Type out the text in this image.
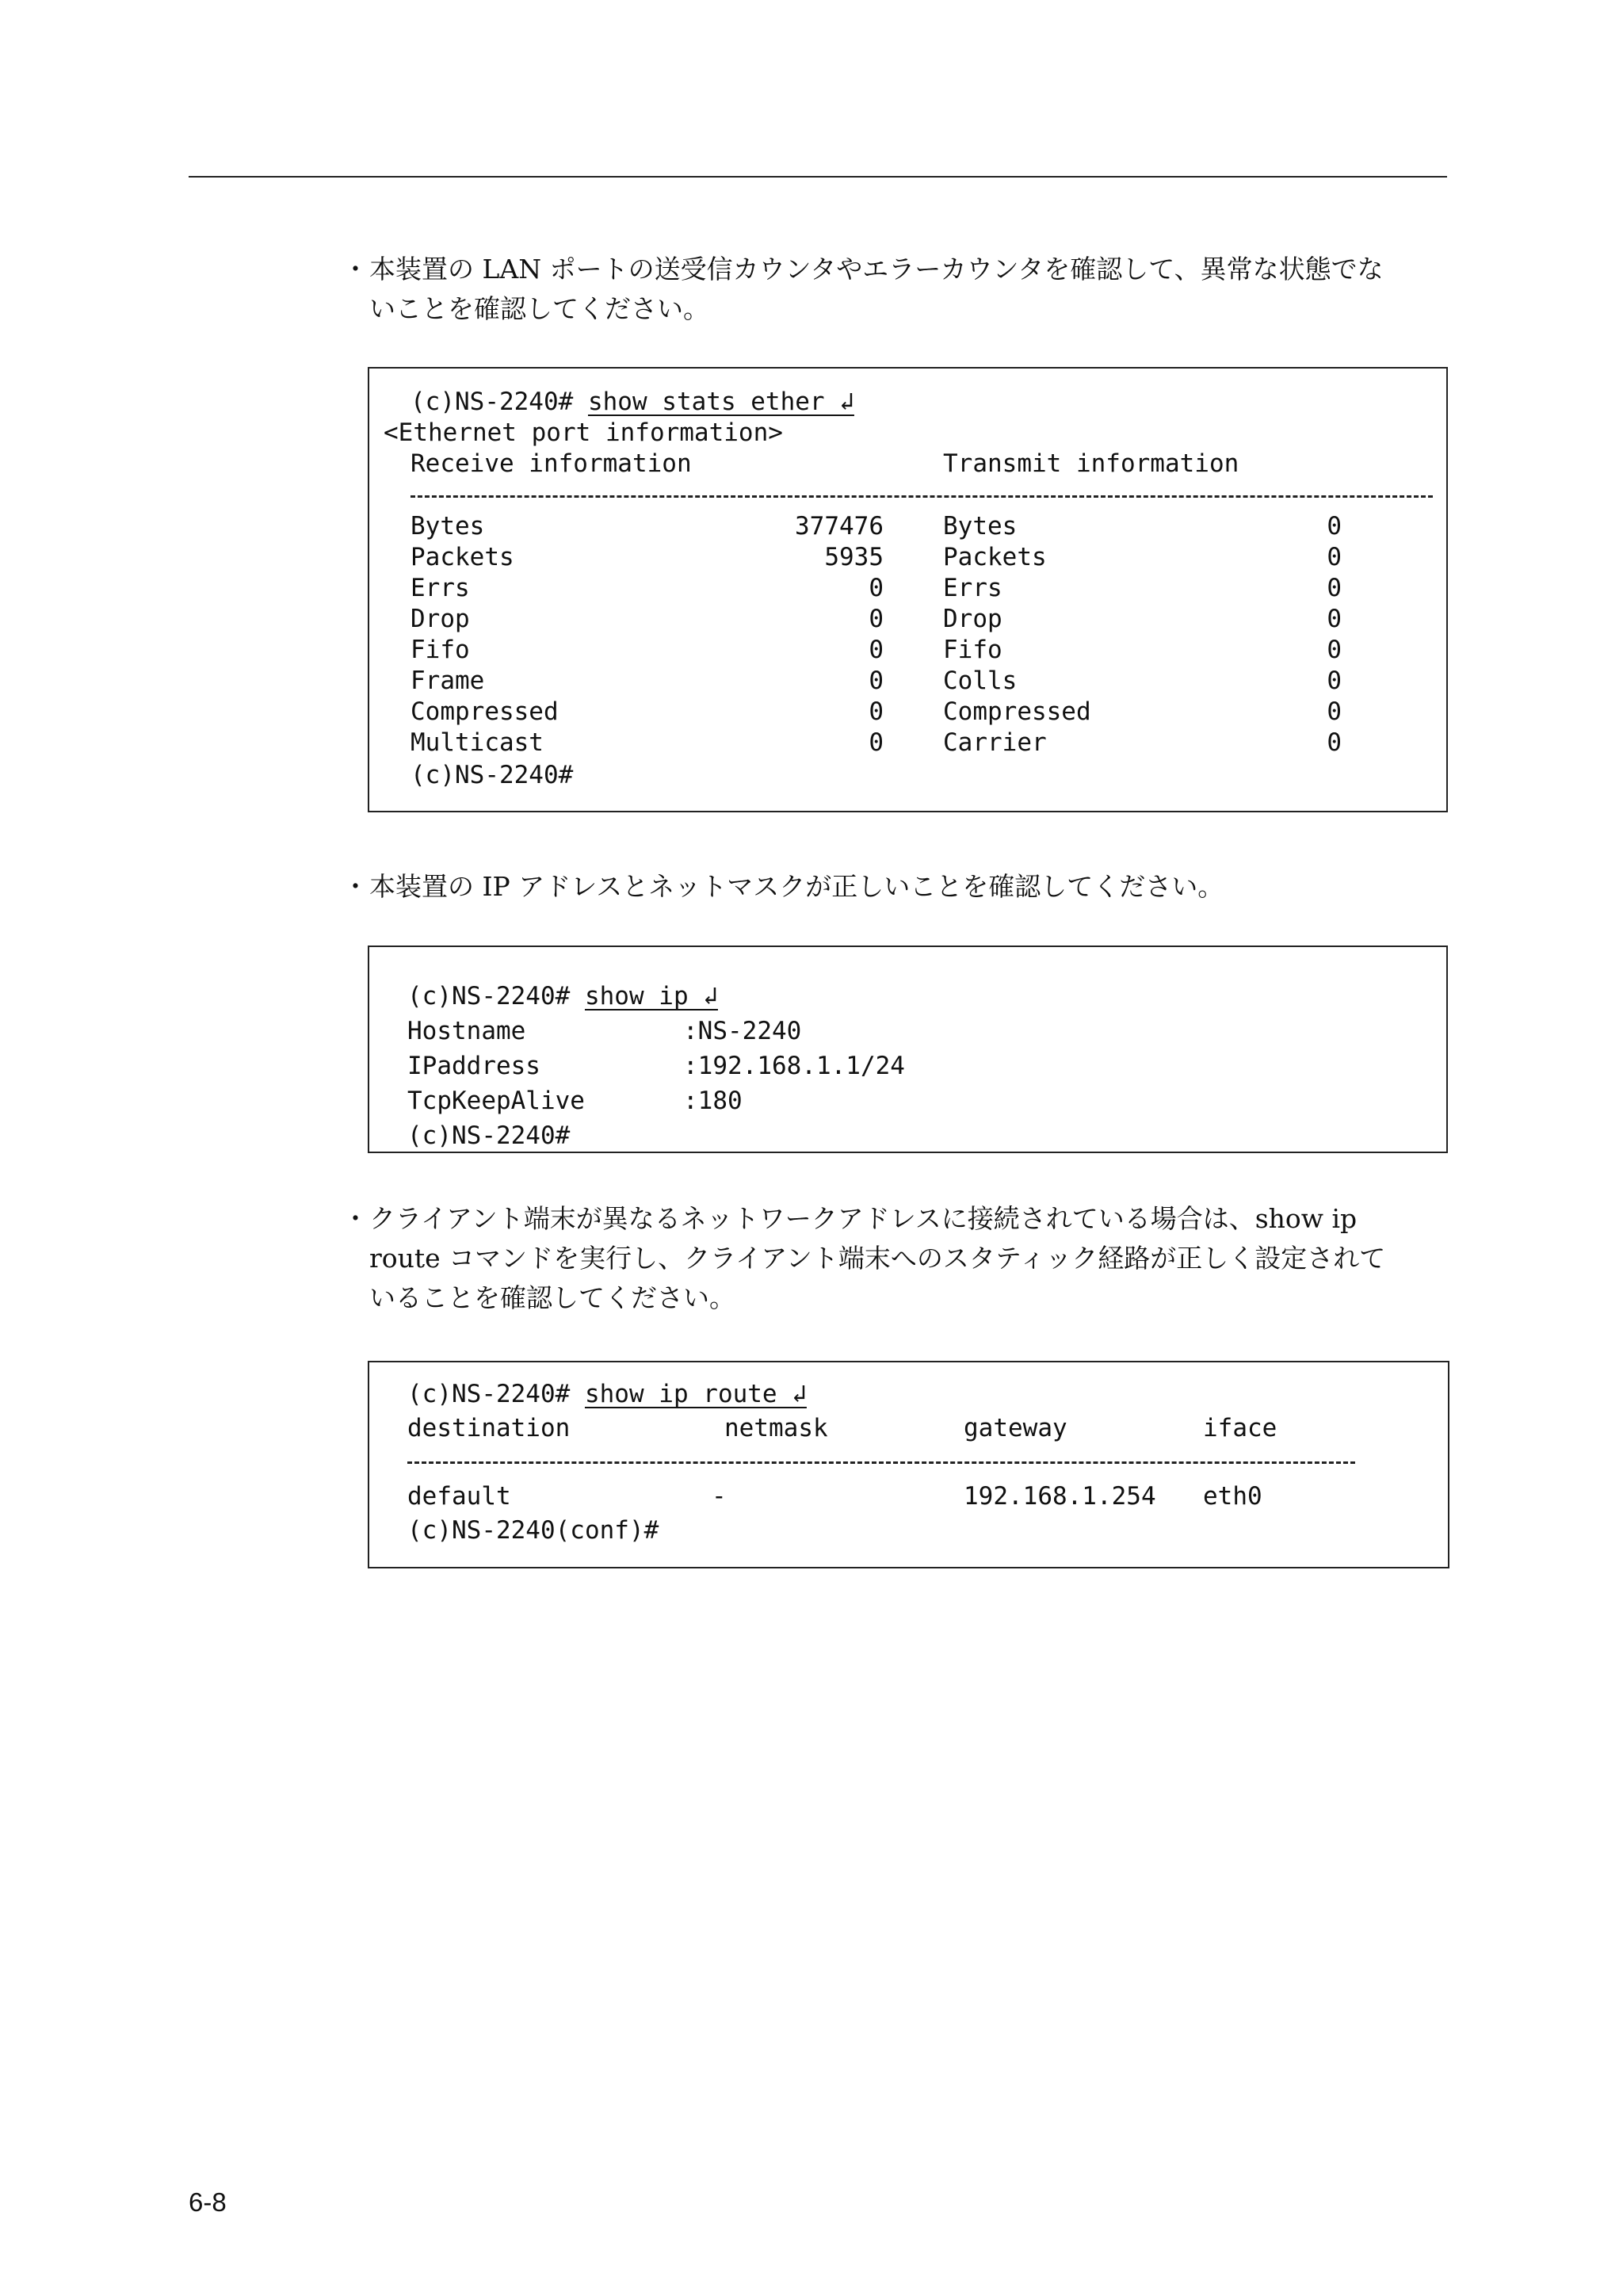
・ 本装置の LAN ポートの送受信カウンタやエラーカウンタを確認して、異常な状態でな
いことを確認してください。
(c)NS-2240# show stats ether ↲
<Ethernet port information>
Receive information	Transmit information
Bytes	377476 Bytes	0
Packets	5935 Packets	0
Errs	0 Errs	0
Drop	0 Drop	0
Fifo	0 Fifo	0
Frame	0 Colls	0
Compressed	0 Compressed	0
Multicast	0 Carrier	0
(c)NS-2240#
・ 本装置の IP アドレスとネットマスクが正しいことを確認してください。
(c)NS-2240# show ip ↲
Hostname	:NS-2240
IPaddress	:192.168.1.1/24
TcpKeepAlive	:180
(c)NS-2240#
・ クライアント端末が異なるネットワークアドレスに接続されている場合は、show ip
route コマンドを実行し、クライアント端末へのスタティック経路が正しく設定されて
いることを確認してください。
(c)NS-2240# show ip route ↲
destination	netmask	gateway	iface
default	-	192.168.1.254 eth0
(c)NS-2240(conf)#
6-8
